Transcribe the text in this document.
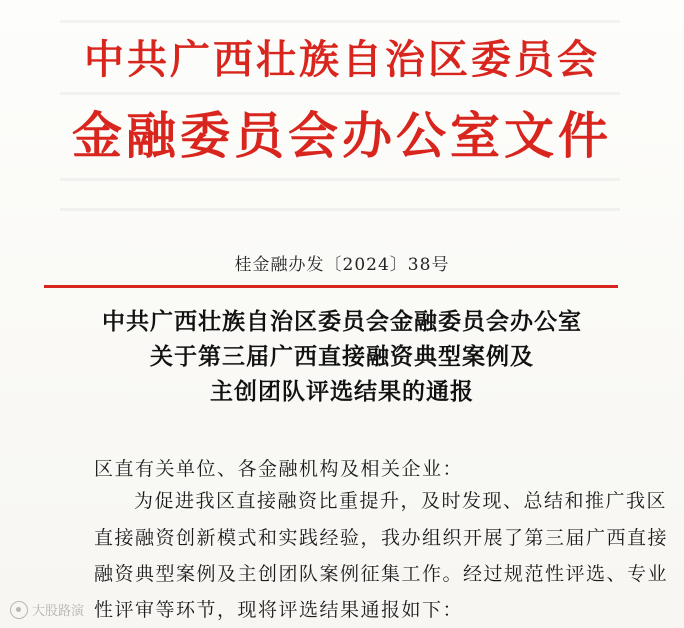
中共广西壮族自治区委员会
金融委员会办公室文件
桂金融办发〔2024〕38号
中共广西壮族自治区委员会金融委员会办公室
关于第三届广西直接融资典型案例及
主创团队评选结果的通报
区直有关单位、各金融机构及相关企业：
为促进我区直接融资比重提升，及时发现、总结和推广我区
直接融资创新模式和实践经验，我办组织开展了第三届广西直接
融资典型案例及主创团队案例征集工作。经过规范性评选、专业
性评审等环节，现将评选结果通报如下：
大股路演
